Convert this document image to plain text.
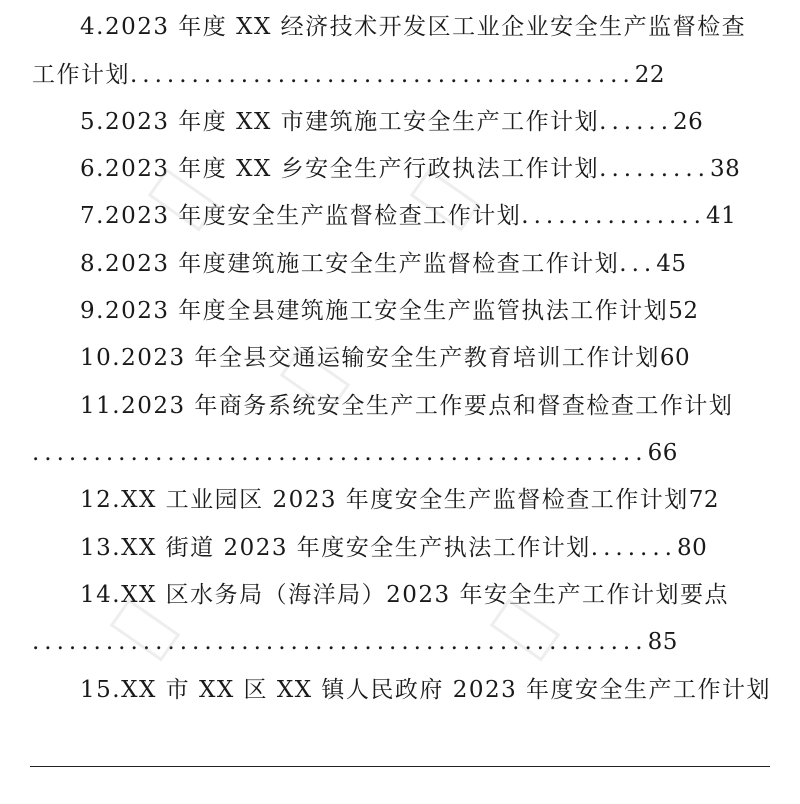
4.2023 年度 XX 经济技术开发区工业企业安全生产监督检查
工作计划.........................................22
5.2023 年度 XX 市建筑施工安全生产工作计划......26
6.2023 年度 XX 乡安全生产行政执法工作计划.........38
7.2023 年度安全生产监督检查工作计划...............41
8.2023 年度建筑施工安全生产监督检查工作计划...45
9.2023 年度全县建筑施工安全生产监管执法工作计划52
10.2023 年全县交通运输安全生产教育培训工作计划60
11.2023 年商务系统安全生产工作要点和督查检查工作计划
..................................................66
12.XX 工业园区 2023 年度安全生产监督检查工作计划72
13.XX 街道 2023 年度安全生产执法工作计划.......80
14.XX 区水务局（海洋局）2023 年安全生产工作计划要点
..................................................85
15.XX 市 XX 区 XX 镇人民政府 2023 年度安全生产工作计划
